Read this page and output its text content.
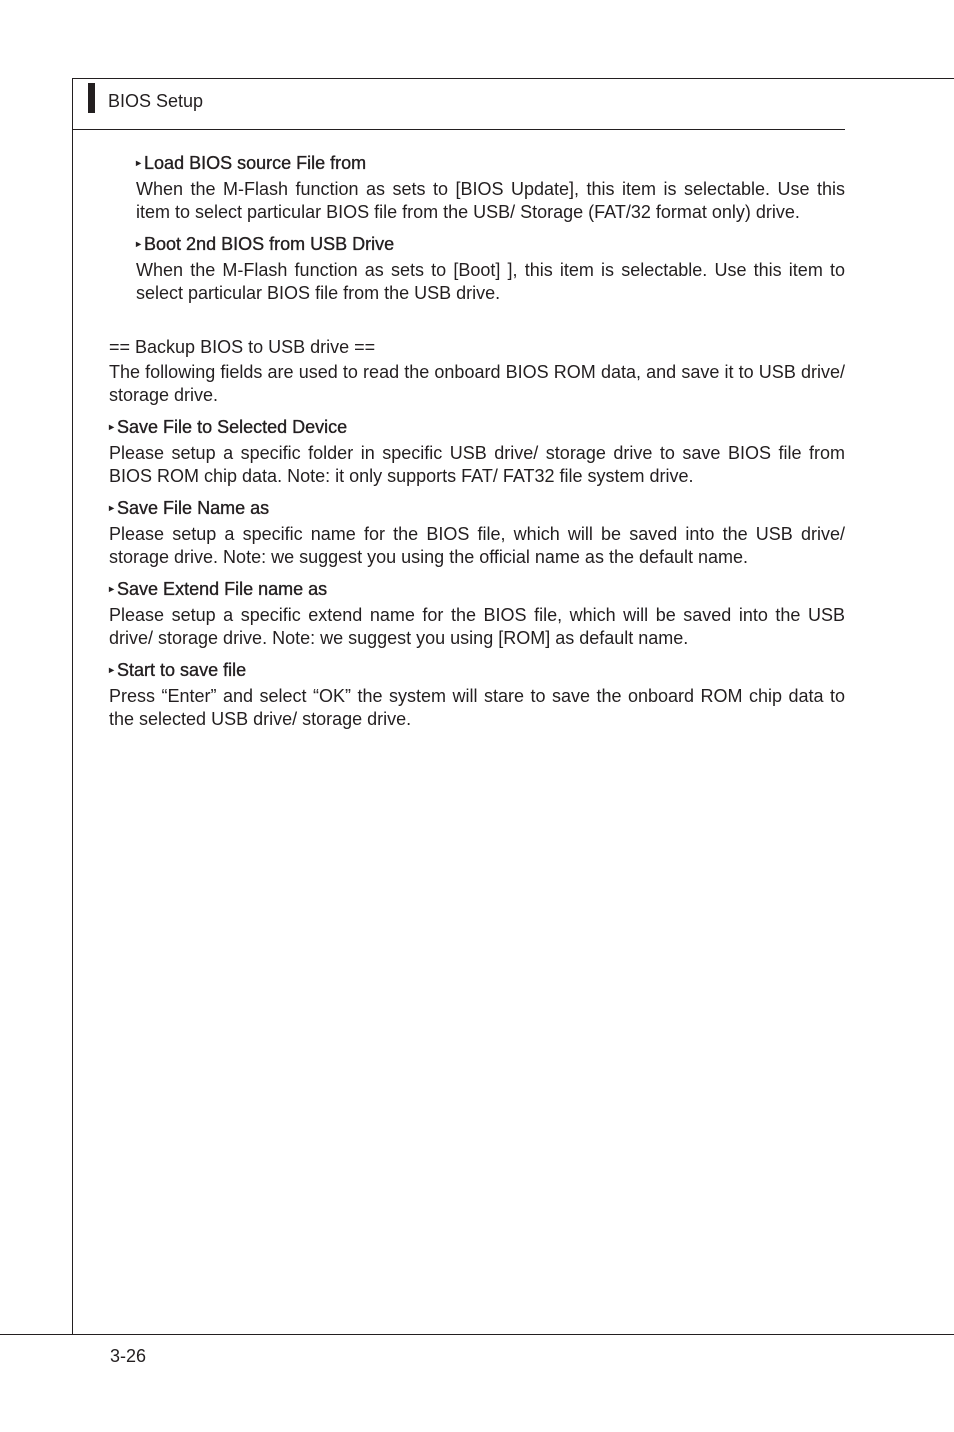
BIOS Setup

▸ Load BIOS source File from

When the M-Flash function as sets to [BIOS Update], this item is selectable. Use this item to select particular BIOS file from the USB/ Storage (FAT/32 format only) drive.

▸ Boot 2nd BIOS from USB Drive

When the M-Flash function as sets to [Boot] ], this item is selectable. Use this item to select particular BIOS file from the USB drive.

== Backup BIOS to USB drive ==

The following fields are used to read the onboard BIOS ROM data, and save it to USB drive/ storage drive.

▸ Save File to Selected Device

Please setup a specific folder in specific USB drive/ storage drive to save BIOS file from BIOS ROM chip data. Note: it only supports FAT/ FAT32 file system drive.

▸ Save File Name as

Please setup a specific name for the BIOS file, which will be saved into the USB drive/ storage drive. Note: we suggest you using the official name as the default name.

▸ Save Extend File name as

Please setup a specific extend name for the BIOS file, which will be saved into the USB drive/ storage drive. Note: we suggest you using [ROM] as default name.

▸ Start to save file

Press “Enter” and select “OK” the system will stare to save the onboard ROM chip data to the selected USB drive/ storage drive.

3-26
